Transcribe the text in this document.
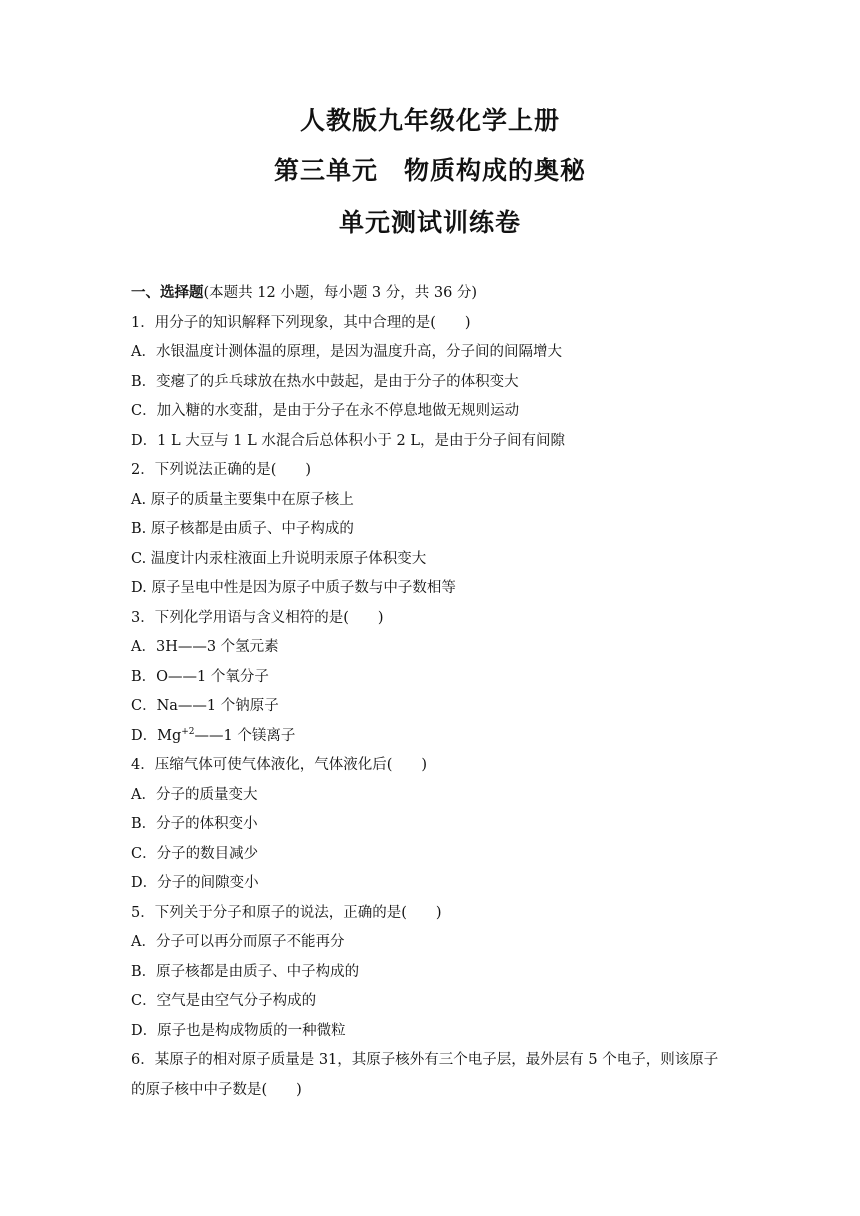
人教版九年级化学上册
第三单元 物质构成的奥秘
单元测试训练卷
一、选择题(本题共 12 小题，每小题 3 分，共 36 分)
1．用分子的知识解释下列现象，其中合理的是(　　)
A．水银温度计测体温的原理，是因为温度升高，分子间的间隔增大
B．变瘪了的乒乓球放在热水中鼓起，是由于分子的体积变大
C．加入糖的水变甜，是由于分子在永不停息地做无规则运动
D．1 L 大豆与 1 L 水混合后总体积小于 2 L，是由于分子间有间隙
2．下列说法正确的是(　　)
A. 原子的质量主要集中在原子核上
B. 原子核都是由质子、中子构成的
C. 温度计内汞柱液面上升说明汞原子体积变大
D. 原子呈电中性是因为原子中质子数与中子数相等
3．下列化学用语与含义相符的是(　　)
A．3H——3 个氢元素
B．O——1 个氧分子
C．Na——1 个钠原子
D．$Mg^{+2}——1$ 个镁离子
4．压缩气体可使气体液化，气体液化后(　　)
A．分子的质量变大
B．分子的体积变小
C．分子的数目减少
D．分子的间隙变小
5．下列关于分子和原子的说法，正确的是(　　)
A．分子可以再分而原子不能再分
B．原子核都是由质子、中子构成的
C．空气是由空气分子构成的
D．原子也是构成物质的一种微粒
6．某原子的相对原子质量是 31，其原子核外有三个电子层，最外层有 5 个电子，则该原子
的原子核中中子数是(　　)
